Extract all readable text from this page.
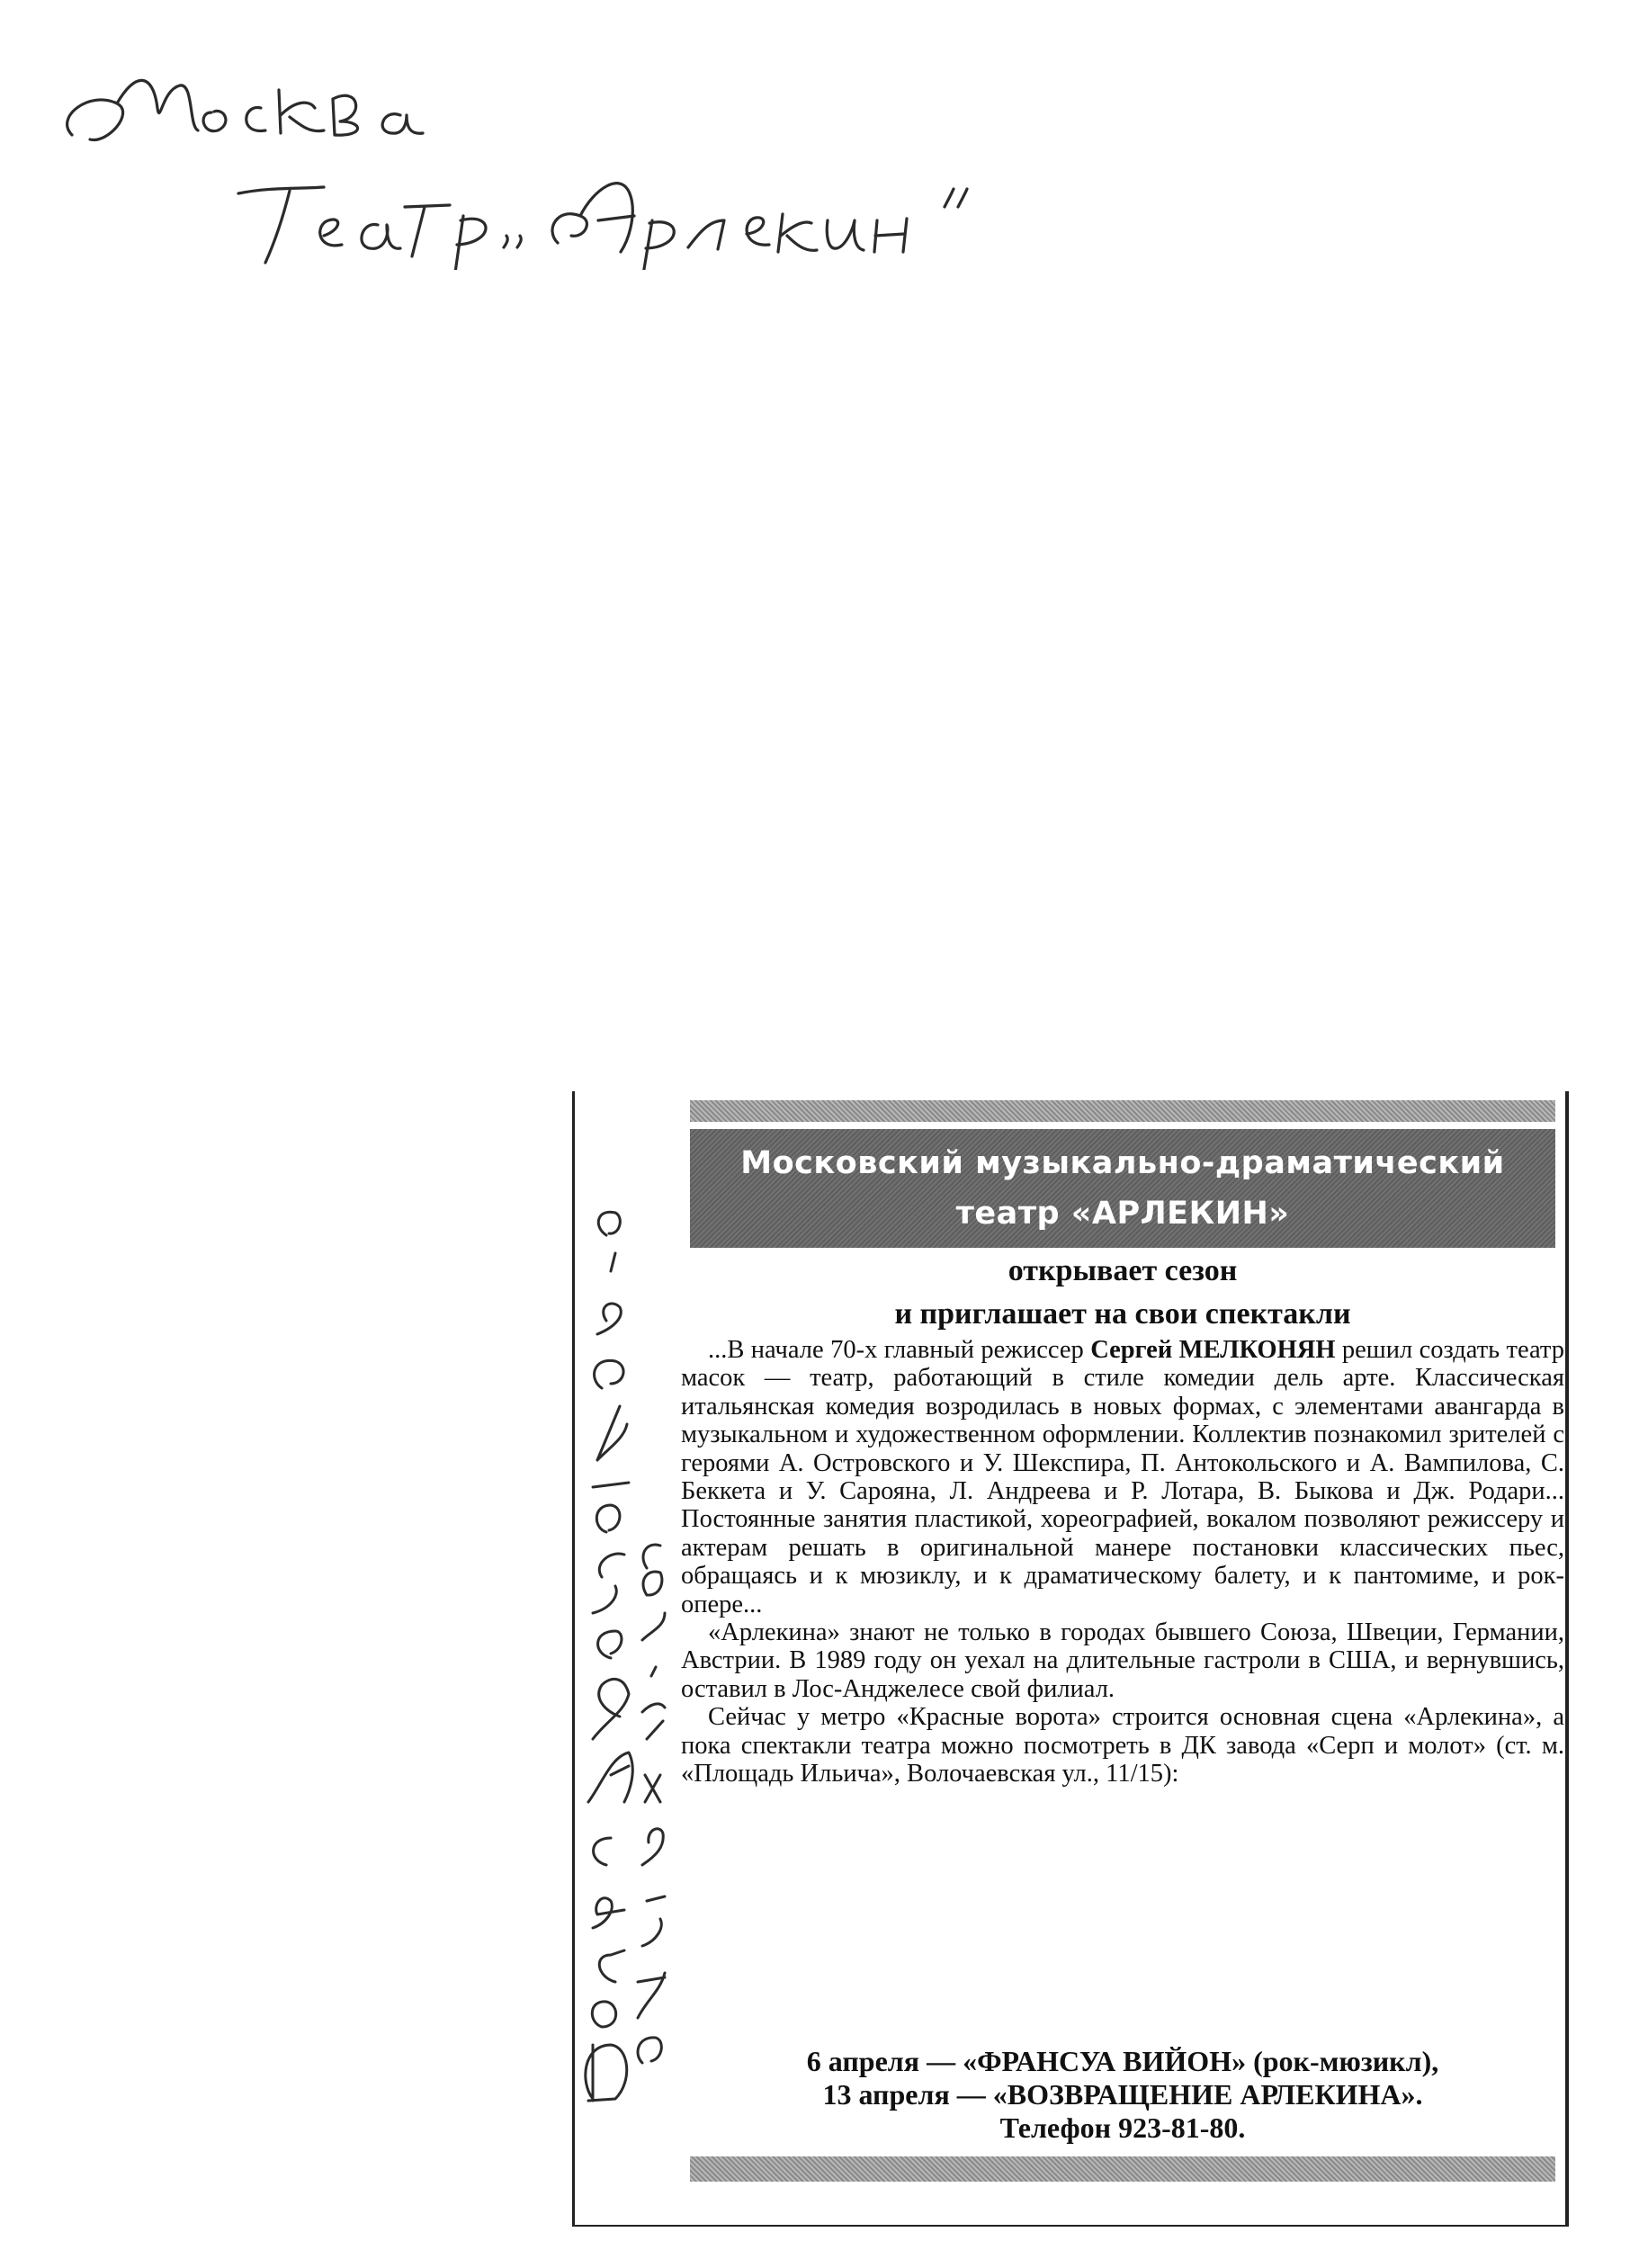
Московский музыкально-драматический
театр «АРЛЕКИН»
открывает сезон
и приглашает на свои спектакли

...В начале 70-х главный режиссер Сергей МЕЛКОНЯН решил создать театр масок — театр, работающий в стиле комедии дель арте. Классическая итальянская комедия возродилась в новых формах, с элементами авангарда в музыкальном и художественном оформлении. Коллектив познакомил зрителей с героями А. Островского и У. Шекспира, П. Антокольского и А. Вампилова, С. Беккета и У. Сарояна, Л. Андреева и Р. Лотара, В. Быкова и Дж. Родари... Постоянные занятия пластикой, хореографией, вокалом позволяют режиссеру и актерам решать в оригинальной манере постановки классических пьес, обращаясь и к мюзиклу, и к драматическому балету, и к пантомиме, и рок-опере...

«Арлекина» знают не только в городах бывшего Союза, Швеции, Германии, Австрии. В 1989 году он уехал на длительные гастроли в США, и вернувшись, оставил в Лос-Анджелесе свой филиал.

Сейчас у метро «Красные ворота» строится основная сцена «Арлекина», а пока спектакли театра можно посмотреть в ДК завода «Серп и молот» (ст. м. «Площадь Ильича», Волочаевская ул., 11/15):

6 апреля — «ФРАНСУА ВИЙОН» (рок-мюзикл),
13 апреля — «ВОЗВРАЩЕНИЕ АРЛЕКИНА».
Телефон 923-81-80.
